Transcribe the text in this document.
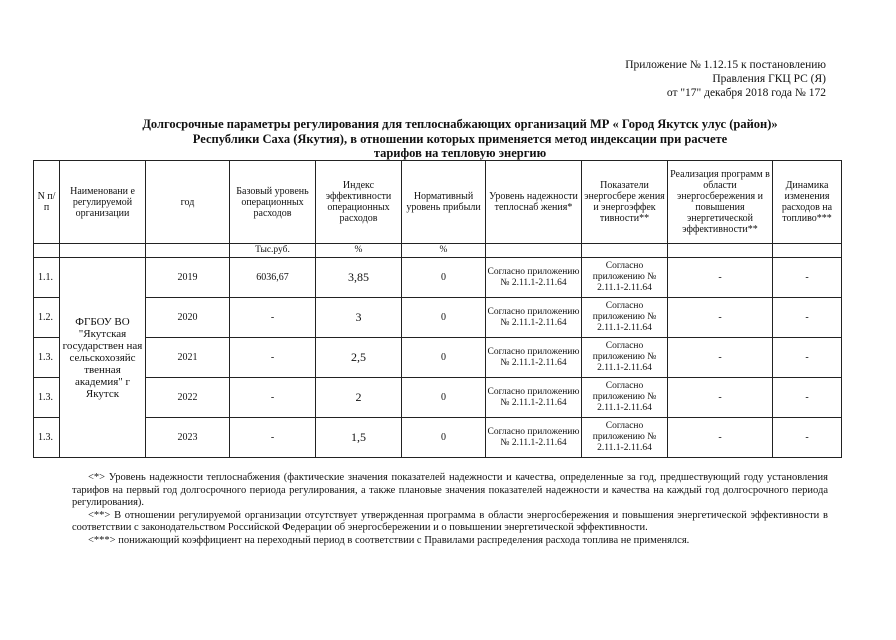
Приложение № 1.12.15 к постановлению
Правления ГКЦ РС (Я)
от "17" декабря 2018 года № 172
Долгосрочные параметры регулирования для теплоснабжающих организаций МР « Город Якутск улус (район)»
Республики Саха (Якутия), в отношении которых применяется метод индексации при расчете
тарифов на тепловую энергию
N п/п	Наименовани е регулируемой организации	год	Базовый уровень операционных расходов	Индекс эффективности операционных расходов	Нормативный уровень прибыли	Уровень надежности теплоснаб жения*	Показатели энергосбере жения и энергоэффек тивности**	Реализация программ в области энергосбережения и повышения энергетической эффективности**	Динамика изменения расходов на топливо***
			Тыс.руб.	%	%				
1.1.	ФГБОУ ВО "Якутская государствен ная сельскохозяйс твенная академия" г Якутск	2019	6036,67	3,85	0	Согласно приложению № 2.11.1-2.11.64	Согласно приложению № 2.11.1-2.11.64	-	-
1.2.		2020	-	3	0	Согласно приложению № 2.11.1-2.11.64	Согласно приложению № 2.11.1-2.11.64	-	-
1.3.		2021	-	2,5	0	Согласно приложению № 2.11.1-2.11.64	Согласно приложению № 2.11.1-2.11.64	-	-
1.3.		2022	-	2	0	Согласно приложению № 2.11.1-2.11.64	Согласно приложению № 2.11.1-2.11.64	-	-
1.3.		2023	-	1,5	0	Согласно приложению № 2.11.1-2.11.64	Согласно приложению № 2.11.1-2.11.64	-	-

<*> Уровень надежности теплоснабжения (фактические значения показателей надежности и качества, определенные за год, предшествующий году установления тарифов на первый год долгосрочного периода регулирования, а также плановые значения показателей надежности и качества на каждый год долгосрочного периода регулирования).

<**> В отношении регулируемой организации отсутствует утвержденная программа в области энергосбережения и повышения энергетической эффективности в соответствии с законодательством Российской Федерации об энергосбережении и о повышении энергетической эффективности.

<***> понижающий коэффициент на переходный период в соответствии с Правилами распределения расхода топлива не применялся.
